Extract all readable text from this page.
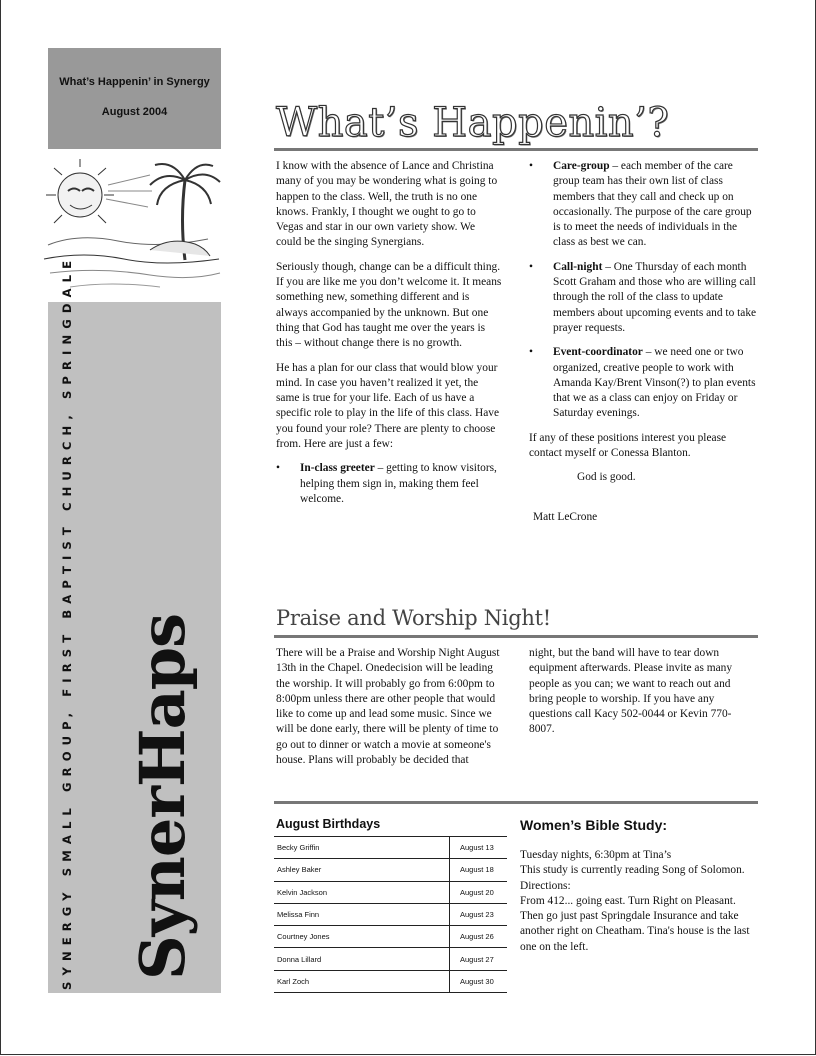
What’s Happenin’ in Synergy
August 2004
SYNERGY SMALL GROUP, FIRST BAPTIST CHURCH, SPRINGDALE SynerHaps
What’s Happenin’?

I know with the absence of Lance and Christina many of you may be wondering what is going to happen to the class. Well, the truth is no one knows. Frankly, I thought we ought to go to Vegas and star in our own variety show. We could be the singing Synergians.

Seriously though, change can be a difficult thing. If you are like me you don’t welcome it. It means something new, something different and is always accompanied by the unknown. But one thing that God has taught me over the years is this – without change there is no growth.

He has a plan for our class that would blow your mind. In case you haven’t realized it yet, the same is true for your life. Each of us have a specific role to play in the life of this class. Have you found your role? There are plenty to choose from. Here are just a few:

• In-class greeter – getting to know visitors, helping them sign in, making them feel welcome.
• Care-group – each member of the care group team has their own list of class members that they call and check up on occasionally. The purpose of the care group is to meet the needs of individuals in the class as best we can.
• Call-night – One Thursday of each month Scott Graham and those who are willing call through the roll of the class to update members about upcoming events and to take prayer requests.
• Event-coordinator – we need one or two organized, creative people to work with Amanda Kay/Brent Vinson(?) to plan events that we as a class can enjoy on Friday or Saturday evenings.

If any of these positions interest you please contact myself or Conessa Blanton.

God is good.

Matt LeCrone

Praise and Worship Night!

There will be a Praise and Worship Night August 13th in the Chapel. Onedecision will be leading the worship. It will probably go from 6:00pm to 8:00pm unless there are other people that would like to come up and lead some music. Since we will be done early, there will be plenty of time to go out to dinner or watch a movie at someone's house. Plans will probably be decided that

night, but the band will have to tear down equipment afterwards. Please invite as many people as you can; we want to reach out and bring people to worship. If you have any questions call Kacy 502-0044 or Kevin 770-8007.

August Birthdays
Becky Griffin	August 13
Ashley Baker	August 18
Kelvin Jackson	August 20
Melissa Finn	August 23
Courtney Jones	August 26
Donna Lillard	August 27
Karl Zoch	August 30
Women’s Bible Study:
Tuesday nights, 6:30pm at Tina’s
This study is currently reading Song of Solomon.
Directions:
From 412... going east. Turn Right on Pleasant. Then go just past Springdale Insurance and take another right on Cheatham. Tina's house is the last one on the left.
